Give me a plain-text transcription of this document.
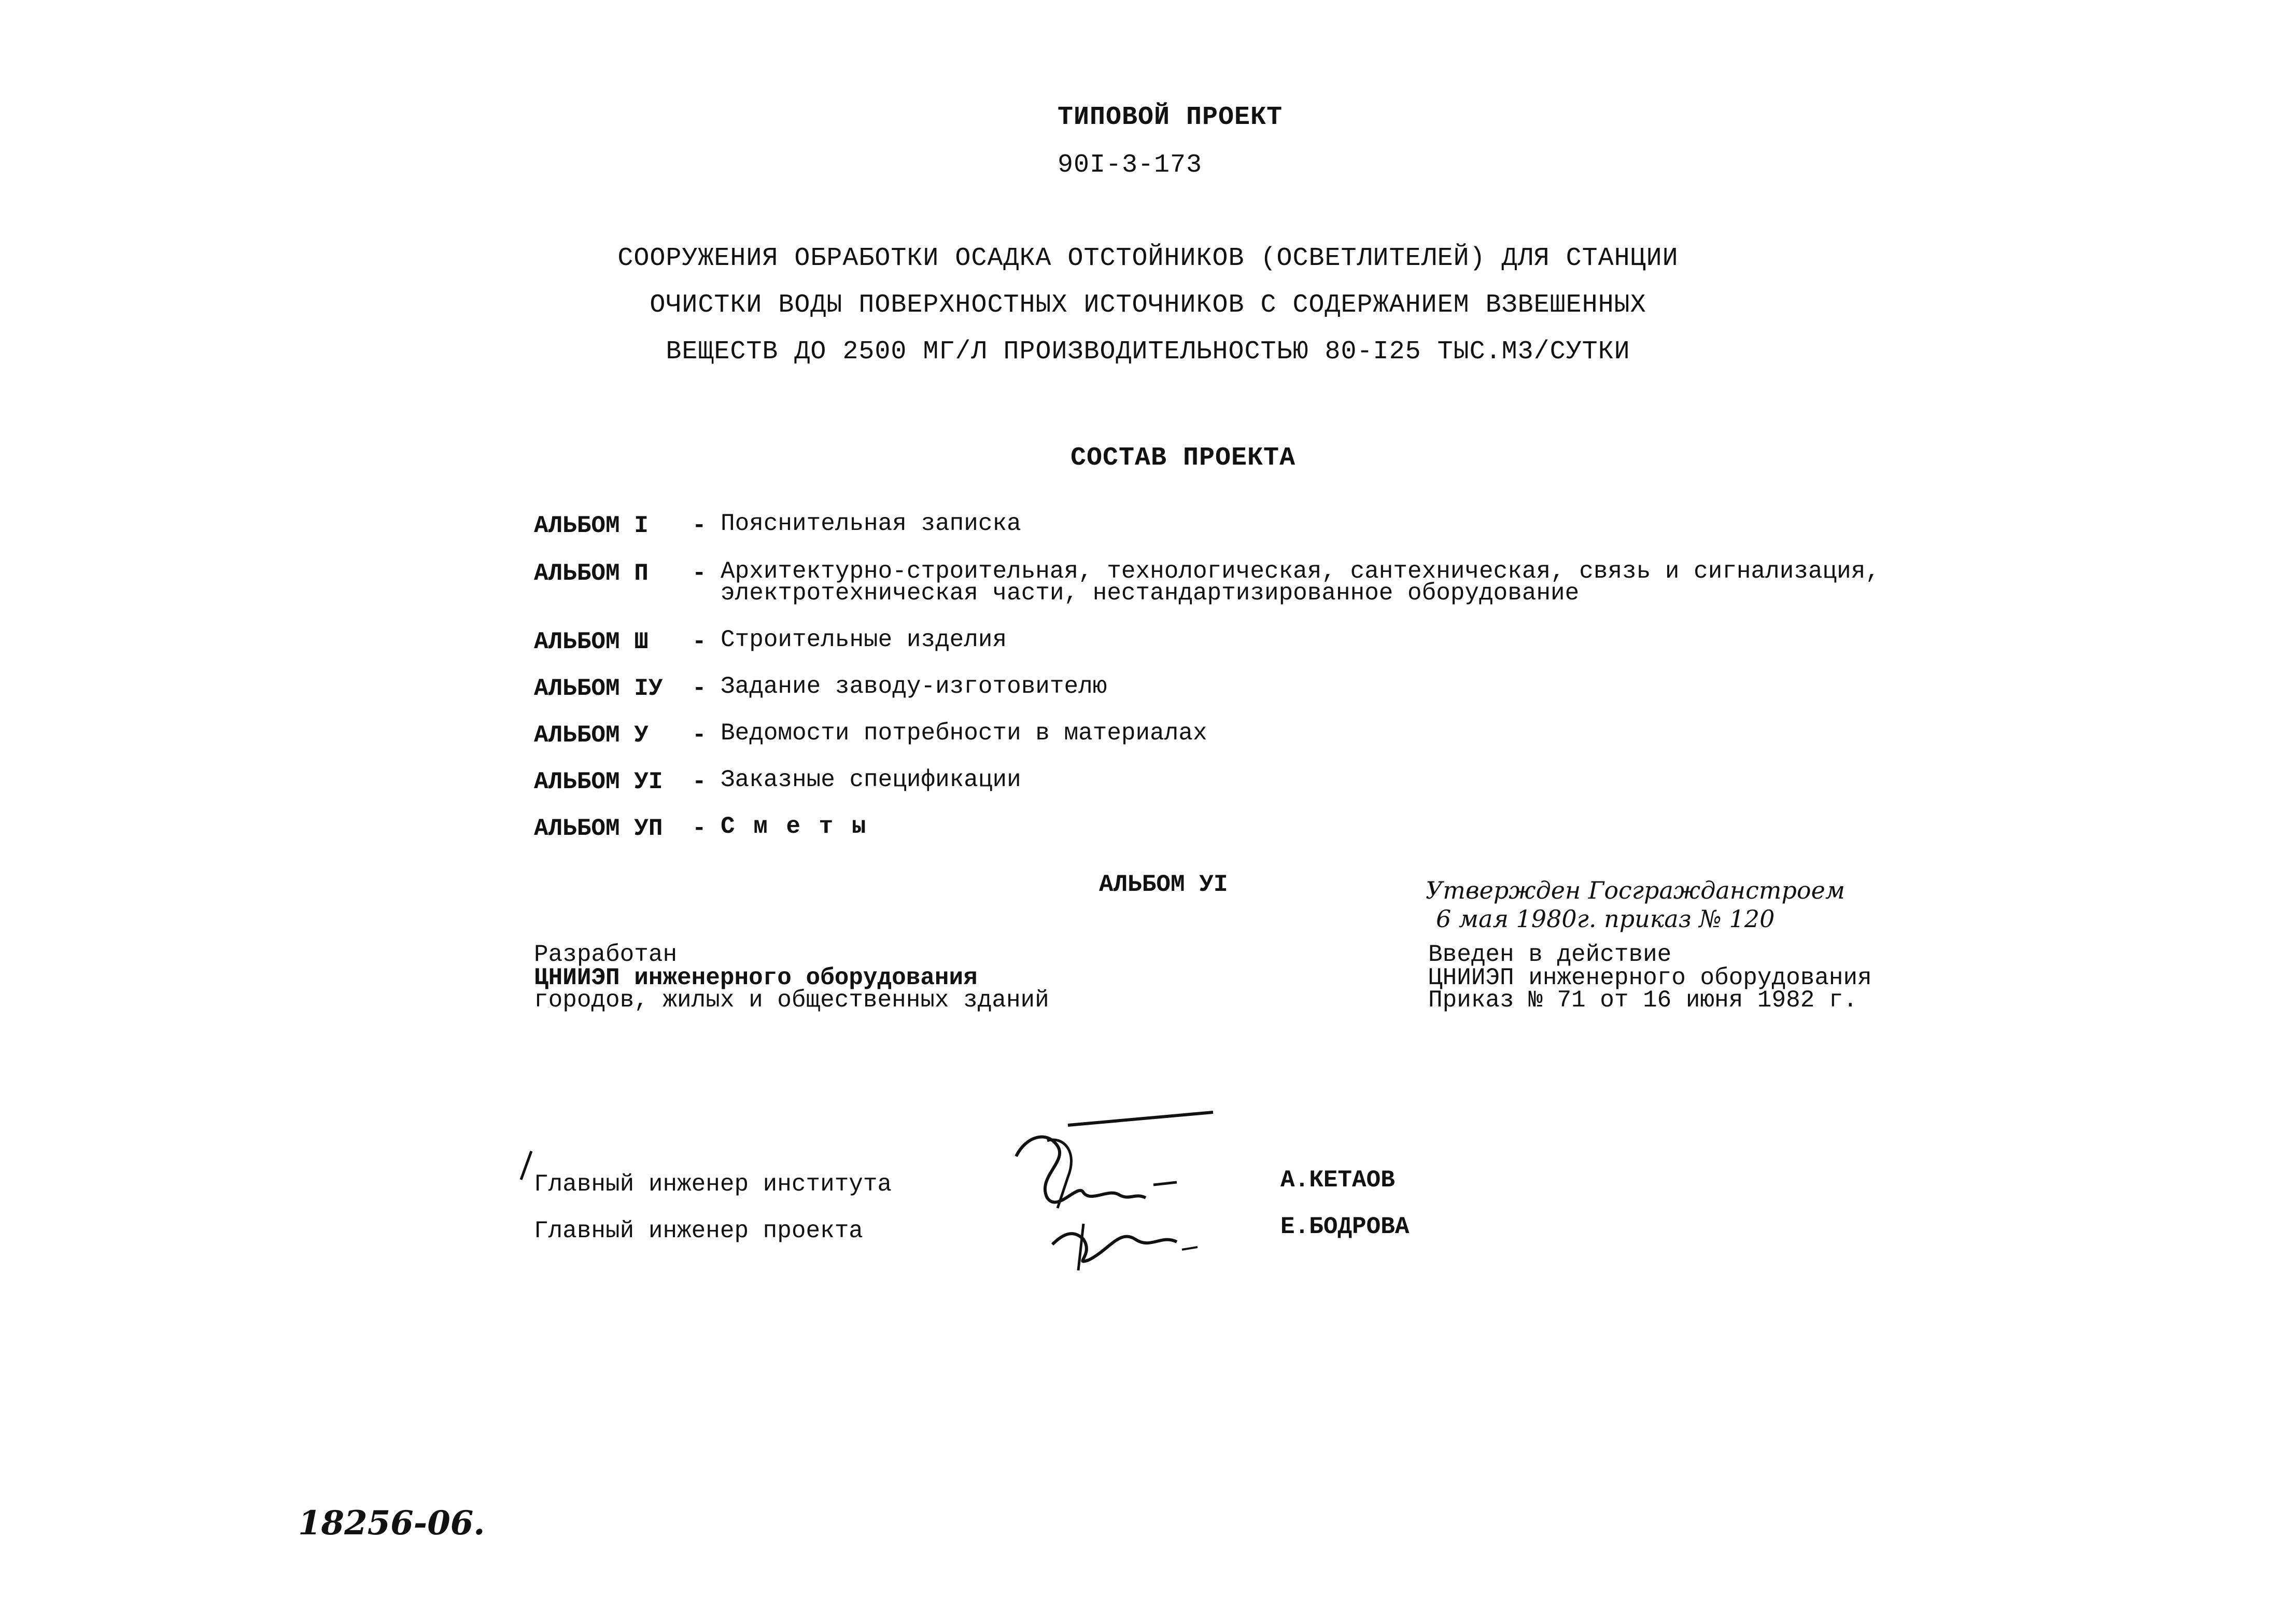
ТИПОВОЙ ПРОЕКТ
90I-3-173
СООРУЖЕНИЯ ОБРАБОТКИ ОСАДКА ОТСТОЙНИКОВ (ОСВЕТЛИТЕЛЕЙ) ДЛЯ СТАНЦИИ
ОЧИСТКИ ВОДЫ ПОВЕРХНОСТНЫХ ИСТОЧНИКОВ С СОДЕРЖАНИЕМ ВЗВЕШЕННЫХ
ВЕЩЕСТВ ДО 2500 МГ/Л ПРОИЗВОДИТЕЛЬНОСТЬЮ 80-I25 ТЫС.М3/СУТКИ
СОСТАВ ПРОЕКТА
АЛЬБОМ I - Пояснительная записка
АЛЬБОМ П - Архитектурно-строительная, технологическая, сантехническая, связь и сигнализация,
электротехническая части, нестандартизированное оборудование
АЛЬБОМ Ш - Строительные изделия
АЛЬБОМ IУ - Задание заводу-изготовителю
АЛЬБОМ У - Ведомости потребности в материалах
АЛЬБОМ УI - Заказные спецификации
АЛЬБОМ УП - С м е т ы
АЛЬБОМ УI	Утвержден Госгражданстроем
6 мая 1980г. приказ № 120
Разработан
ЦНИИЭП инженерного оборудования
городов, жилых и общественных зданий
Введен в действие
ЦНИИЭП инженерного оборудования
Приказ № 71 от 16 июня 1982 г.
Главный инженер института	А.КЕТАОВ
Главный инженер проекта	Е.БОДРОВА
18256-06.
